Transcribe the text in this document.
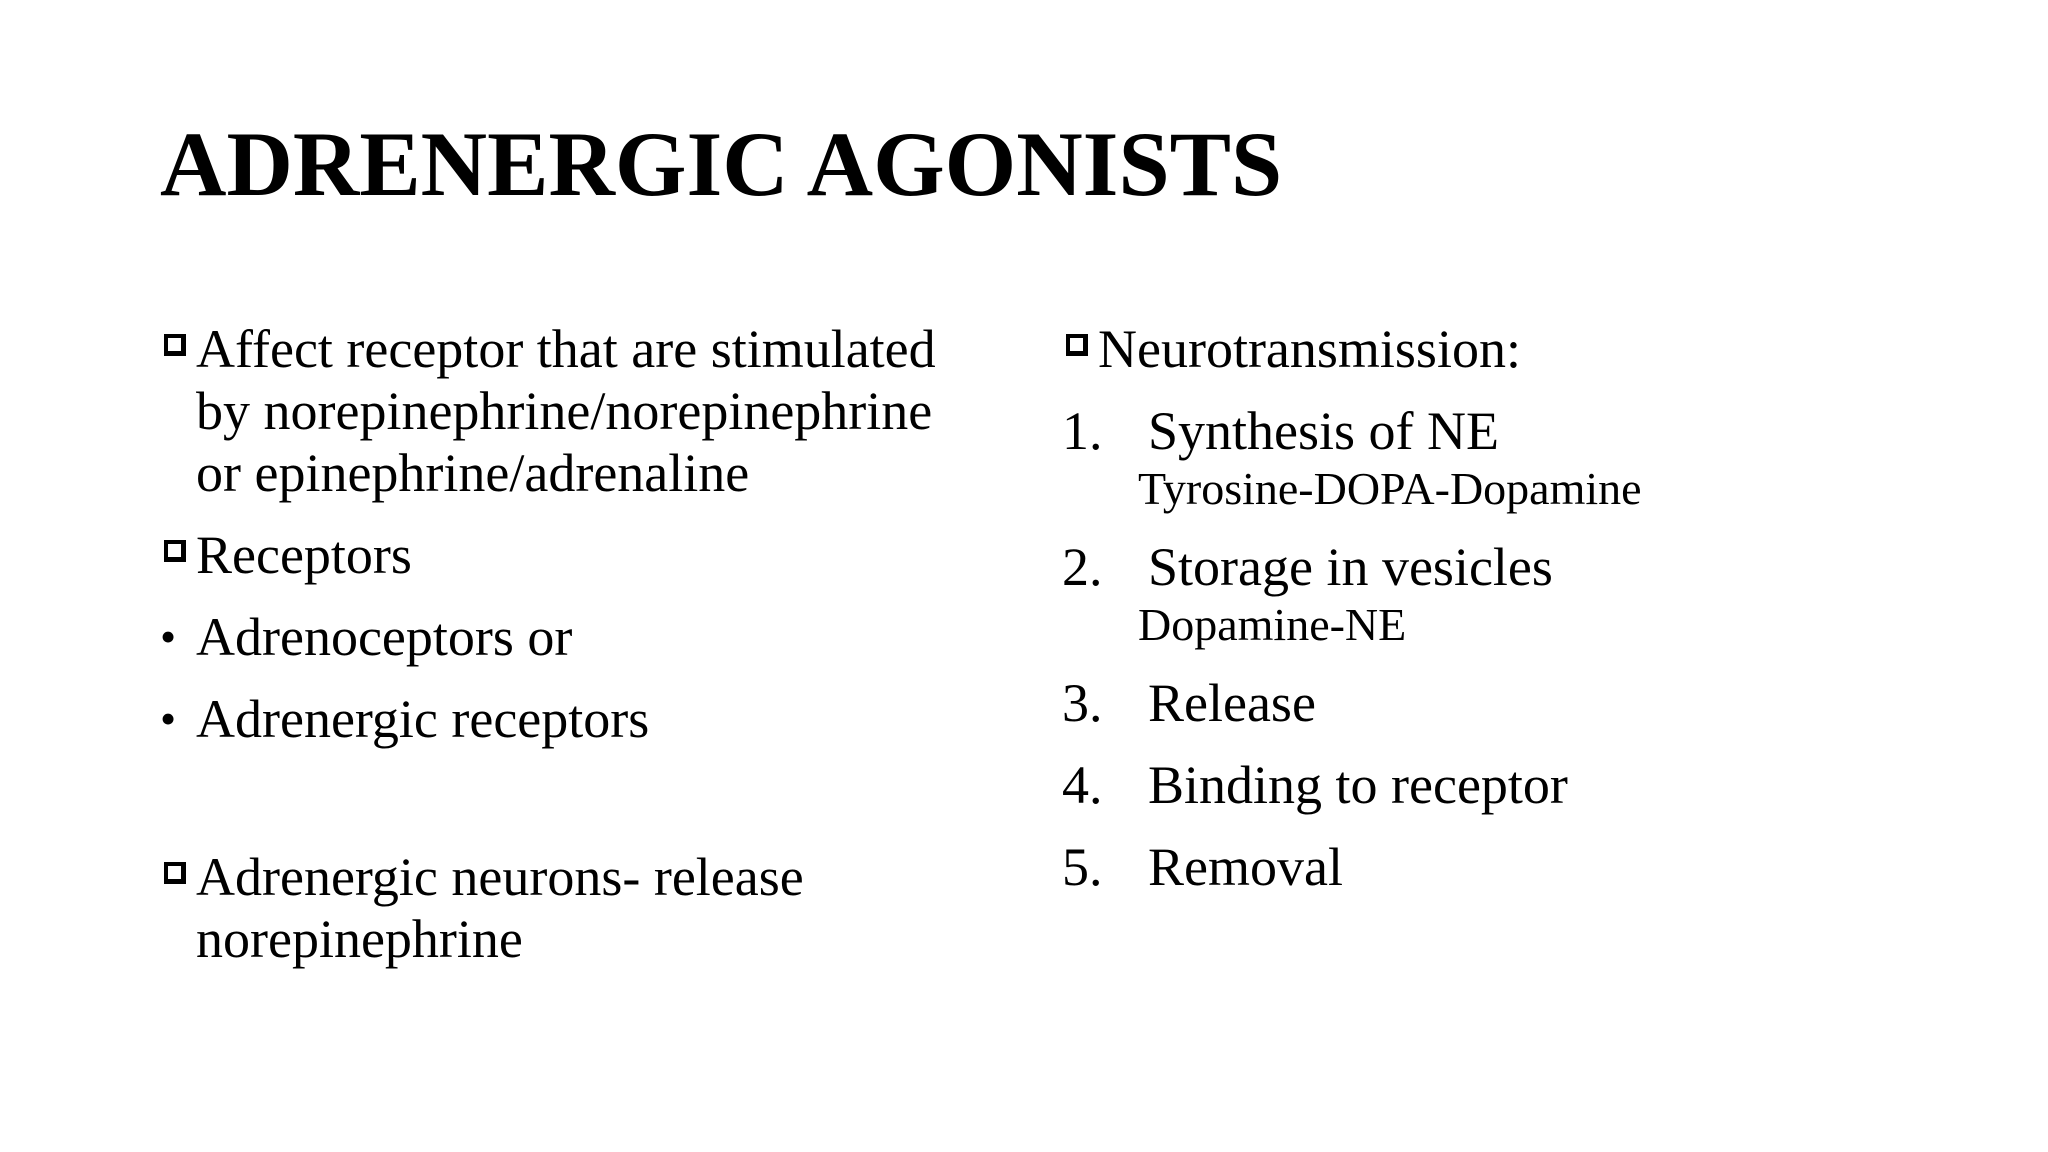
ADRENERGIC AGONISTS
Affect receptor that are stimulated
by norepinephrine/norepinephrine
or epinephrine/adrenaline
Receptors
• Adrenoceptors or
• Adrenergic receptors
Adrenergic neurons- release
norepinephrine
Neurotransmission:
1. Synthesis of NE
Tyrosine-DOPA-Dopamine
2. Storage in vesicles
Dopamine-NE
3. Release
4. Binding to receptor
5. Removal
